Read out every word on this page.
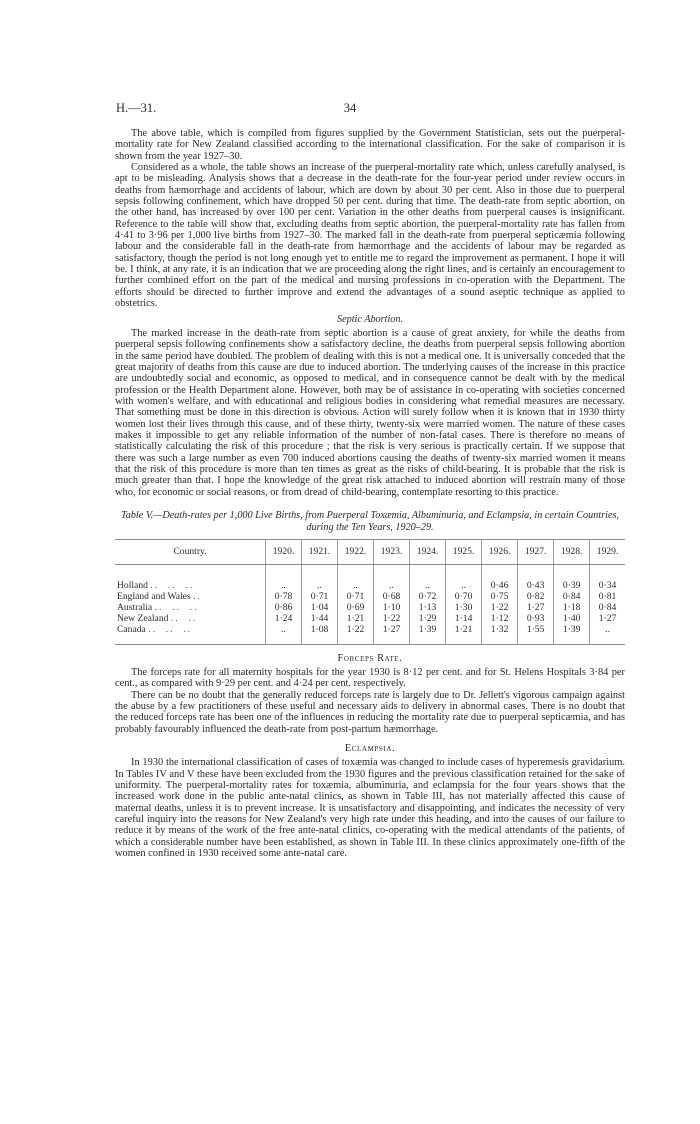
H.—31.	34

The above table, which is compiled from figures supplied by the Government Statistician, sets out the puerperal-mortality rate for New Zealand classified according to the international classification. For the sake of comparison it is shown from the year 1927–30.

Considered as a whole, the table shows an increase of the puerperal-mortality rate which, unless carefully analysed, is apt to be misleading. Analysis shows that a decrease in the death-rate for the four-year period under review occurs in deaths from hæmorrhage and accidents of labour, which are down by about 30 per cent. Also in those due to puerperal sepsis following confinement, which have dropped 50 per cent. during that time. The death-rate from septic abortion, on the other hand, has increased by over 100 per cent. Variation in the other deaths from puerperal causes is insignificant. Reference to the table will show that, excluding deaths from septic abortion, the puerperal-mortality rate has fallen from 4·41 to 3·96 per 1,000 live births from 1927–30. The marked fall in the death-rate from puerperal septicæmia following labour and the considerable fall in the death-rate from hæmorrhage and the accidents of labour may be regarded as satisfactory, though the period is not long enough yet to entitle me to regard the improvement as permanent. I hope it will be. I think, at any rate, it is an indication that we are proceeding along the right lines, and is certainly an encouragement to further combined effort on the part of the medical and nursing professions in co-operation with the Department. The efforts should be directed to further improve and extend the advantages of a sound aseptic technique as applied to obstetrics.

Septic Abortion.

The marked increase in the death-rate from septic abortion is a cause of great anxiety, for while the deaths from puerperal sepsis following confinements show a satisfactory decline, the deaths from puerperal sepsis following abortion in the same period have doubled. The problem of dealing with this is not a medical one. It is universally conceded that the great majority of deaths from this cause are due to induced abortion. The underlying causes of the increase in this practice are undoubtedly social and economic, as opposed to medical, and in consequence cannot be dealt with by the medical profession or the Health Department alone. However, both may be of assistance in co-operating with societies concerned with women's welfare, and with educational and religious bodies in considering what remedial measures are necessary. That something must be done in this direction is obvious. Action will surely follow when it is known that in 1930 thirty women lost their lives through this cause, and of these thirty, twenty-six were married women. The nature of these cases makes it impossible to get any reliable information of the number of non-fatal cases. There is therefore no means of statistically calculating the risk of this procedure ; that the risk is very serious is practically certain. If we suppose that there was such a large number as even 700 induced abortions causing the deaths of twenty-six married women it means that the risk of this procedure is more than ten times as great as the risks of child-bearing. It is probable that the risk is much greater than that. I hope the knowledge of the great risk attached to induced abortion will restrain many of those who, for economic or social reasons, or from dread of child-bearing, contemplate resorting to this practice.

Table V.—Death-rates per 1,000 Live Births, from Puerperal Toxæmia, Albuminuria, and Eclampsia, in certain Countries, during the Ten Years, 1920–29.
Country.	1920.	1921.	1922.	1923.	1924.	1925.	1926.	1927.	1928.	1929.

Holland ..  ..  ..	..	..	..	..	..	..	0·46	0·43	0·39	0·34
England and Wales ..	0·78	0·71	0·71	0·68	0·72	0·70	0·75	0·82	0·84	0·81
Australia ..  ..  ..	0·86	1·04	0·69	1·10	1·13	1·30	1·22	1·27	1·18	0·84
New Zealand ..  ..	1·24	1·44	1·21	1·22	1·29	1·14	1·12	0·93	1·40	1·27
Canada ..  ..  ..	..	1·08	1·22	1·27	1·39	1·21	1·32	1·55	1·39	..

Forceps Rate.

The forceps rate for all maternity hospitals for the year 1930 is 8·12 per cent. and for St. Helens Hospitals 3·84 per cent., as compared with 9·29 per cent. and 4·24 per cent. respectively.

There can be no doubt that the generally reduced forceps rate is largely due to Dr. Jellett's vigorous campaign against the abuse by a few practitioners of these useful and necessary aids to delivery in abnormal cases. There is no doubt that the reduced forceps rate has been one of the influences in reducing the mortality rate due to puerperal septicæmia, and has probably favourably influenced the death-rate from post-partum hæmorrhage.

Eclampsia.

In 1930 the international classification of cases of toxæmia was changed to include cases of hyperemesis gravidarium. In Tables IV and V these have been excluded from the 1930 figures and the previous classification retained for the sake of uniformity. The puerperal-mortality rates for toxæmia, albuminuria, and eclampsia for the four years shows that the increased work done in the public ante-natal clinics, as shown in Table III, has not materially affected this cause of maternal deaths, unless it is to prevent increase. It is unsatisfactory and disappointing, and indicates the necessity of very careful inquiry into the reasons for New Zealand's very high rate under this heading, and into the causes of our failure to reduce it by means of the work of the free ante-natal clinics, co-operating with the medical attendants of the patients, of which a considerable number have been established, as shown in Table III. In these clinics approximately one-fifth of the women confined in 1930 received some ante-natal care.
